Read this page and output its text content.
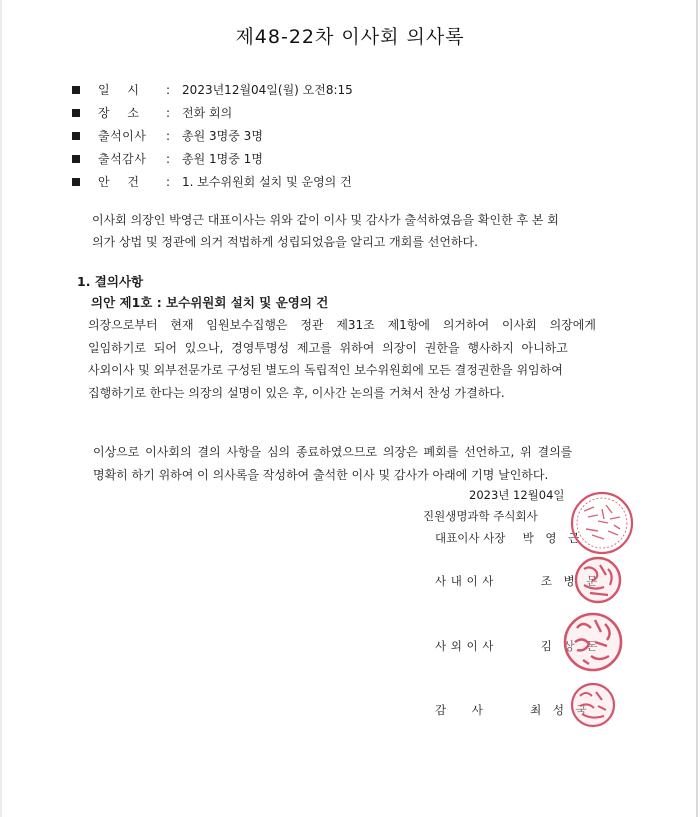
제48-22차 이사회 의사록
일    시	: 2023년12월04일(월) 오전8:15
장    소	: 전화 회의
출석이사	: 총원 3명중 3명
출석감사	: 총원 1명중 1명
안    건	: 1. 보수위원회 설치 및 운영의 건
이사회 의장인 박영근 대표이사는 위와 같이 이사 및 감사가 출석하였음을 확인한 후 본 회
의가 상법 및 정관에 의거 적법하게 성립되었음을 알리고 개회를 선언하다.
1. 결의사항
의안 제1호 : 보수위원회 설치 및 운영의 건
의장으로부터 현재 임원보수집행은 정관 제31조 제1항에 의거하여 이사회 의장에게
일임하기로 되어 있으나, 경영투명성 제고를 위하여 의장이 권한을 행사하지 아니하고
사외이사 및 외부전문가로 구성된 별도의 독립적인 보수위원회에 모든 결정권한을 위임하여
집행하기로 한다는 의장의 설명이 있은 후, 이사간 논의를 거쳐서 찬성 가결하다.
이상으로 이사회의 결의 사항을 심의 종료하였으므로 의장은 폐회를 선언하고, 위 결의를
명확히 하기 위하여 이 의사록을 작성하여 출석한 이사 및 감사가 아래에 기명 날인하다.
2023년 12월04일
진원생명과학 주식회사
대표이사 사장 박 영 근
사 내 이 사	조 병 문
사 외 이 사	김 상 돈
감       사	최 성 국
